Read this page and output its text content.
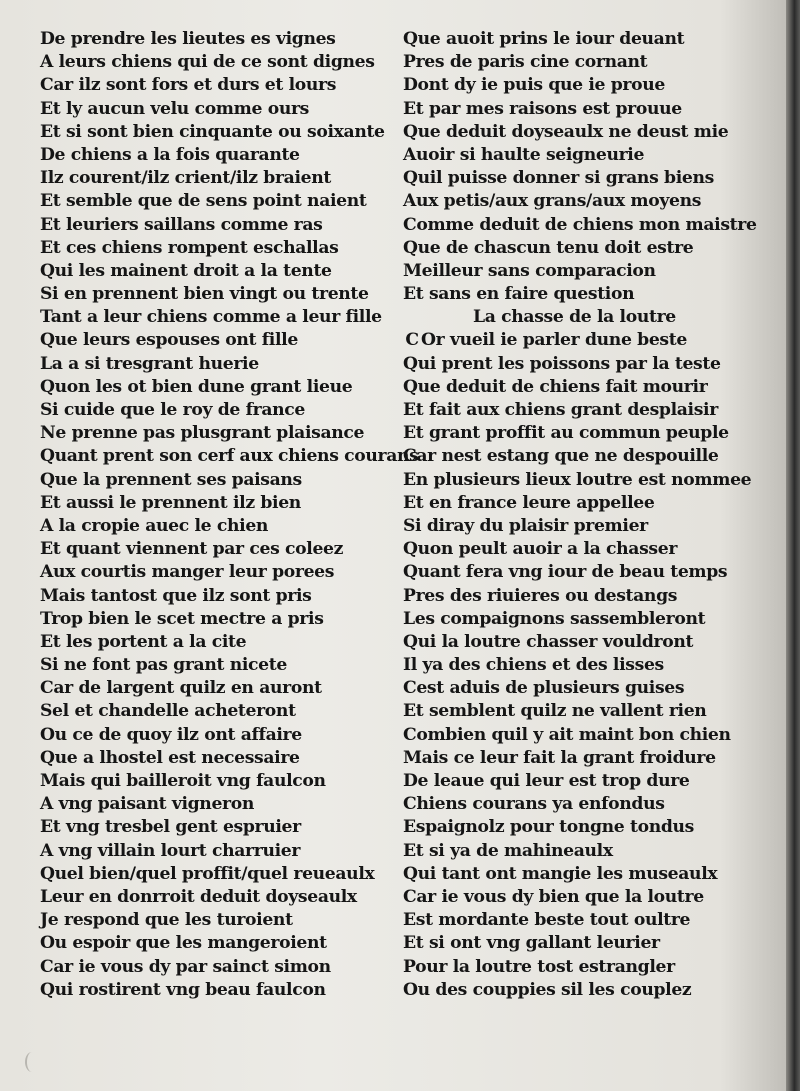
De prendre les lieutes es vignes
A leurs chiens qui de ce sont dignes
Car ilz sont fors et durs et lours
Et ly aucun velu comme ours
Et si sont bien cinquante ou soixante
De chiens a la fois quarante
Ilz courent/ilz crient/ilz braient
Et semble que de sens point naient
Et leuriers saillans comme ras
Et ces chiens rompent eschallas
Qui les mainent droit a la tente
Si en prennent bien vingt ou trente
Tant a leur chiens comme a leur fille
Que leurs espouses ont fille
La a si tresgrant huerie
Quon les ot bien dune grant lieue
Si cuide que le roy de france
Ne prenne pas plusgrant plaisance
Quant prent son cerf aux chiens courans
Que la prennent ses paisans
Et aussi le prennent ilz bien
A la cropie auec le chien
Et quant viennent par ces coleez
Aux courtis manger leur porees
Mais tantost que ilz sont pris
Trop bien le scet mectre a pris
Et les portent a la cite
Si ne font pas grant nicete
Car de largent quilz en auront
Sel et chandelle acheteront
Ou ce de quoy ilz ont affaire
Que a lhostel est necessaire
Mais qui bailleroit vng faulcon
A vng paisant vigneron
Et vng tresbel gent espruier
A vng villain lourt charruier
Quel bien/quel proffit/quel reueaulx
Leur en donrroit deduit doyseaulx
Je respond que les turoient
Ou espoir que les mangeroient
Car ie vous dy par sainct simon
Qui rostirent vng beau faulcon
Que auoit prins le iour deuant
Pres de paris cine cornant
Dont dy ie puis que ie proue
Et par mes raisons est prouue
Que deduit doyseaulx ne deust mie
Auoir si haulte seigneurie
Quil puisse donner si grans biens
Aux petis/aux grans/aux moyens
Comme deduit de chiens mon maistre
Que de chascun tenu doit estre
Meilleur sans comparacion
Et sans en faire question
La chasse de la loutre
C Or vueil ie parler dune beste
Qui prent les poissons par la teste
Que deduit de chiens fait mourir
Et fait aux chiens grant desplaisir
Et grant proffit au commun peuple
Car nest estang que ne despouille
En plusieurs lieux loutre est nommee
Et en france leure appellee
Si diray du plaisir premier
Quon peult auoir a la chasser
Quant fera vng iour de beau temps
Pres des riuieres ou destangs
Les compaignons sassembleront
Qui la loutre chasser vouldront
Il ya des chiens et des lisses
Cest aduis de plusieurs guises
Et semblent quilz ne vallent rien
Combien quil y ait maint bon chien
Mais ce leur fait la grant froidure
De leaue qui leur est trop dure
Chiens courans ya enfondus
Espaignolz pour tongne tondus
Et si ya de mahineaulx
Qui tant ont mangie les museaulx
Car ie vous dy bien que la loutre
Est mordante beste tout oultre
Et si ont vng gallant leurier
Pour la loutre tost estrangler
Ou des couppies sil les couplez
